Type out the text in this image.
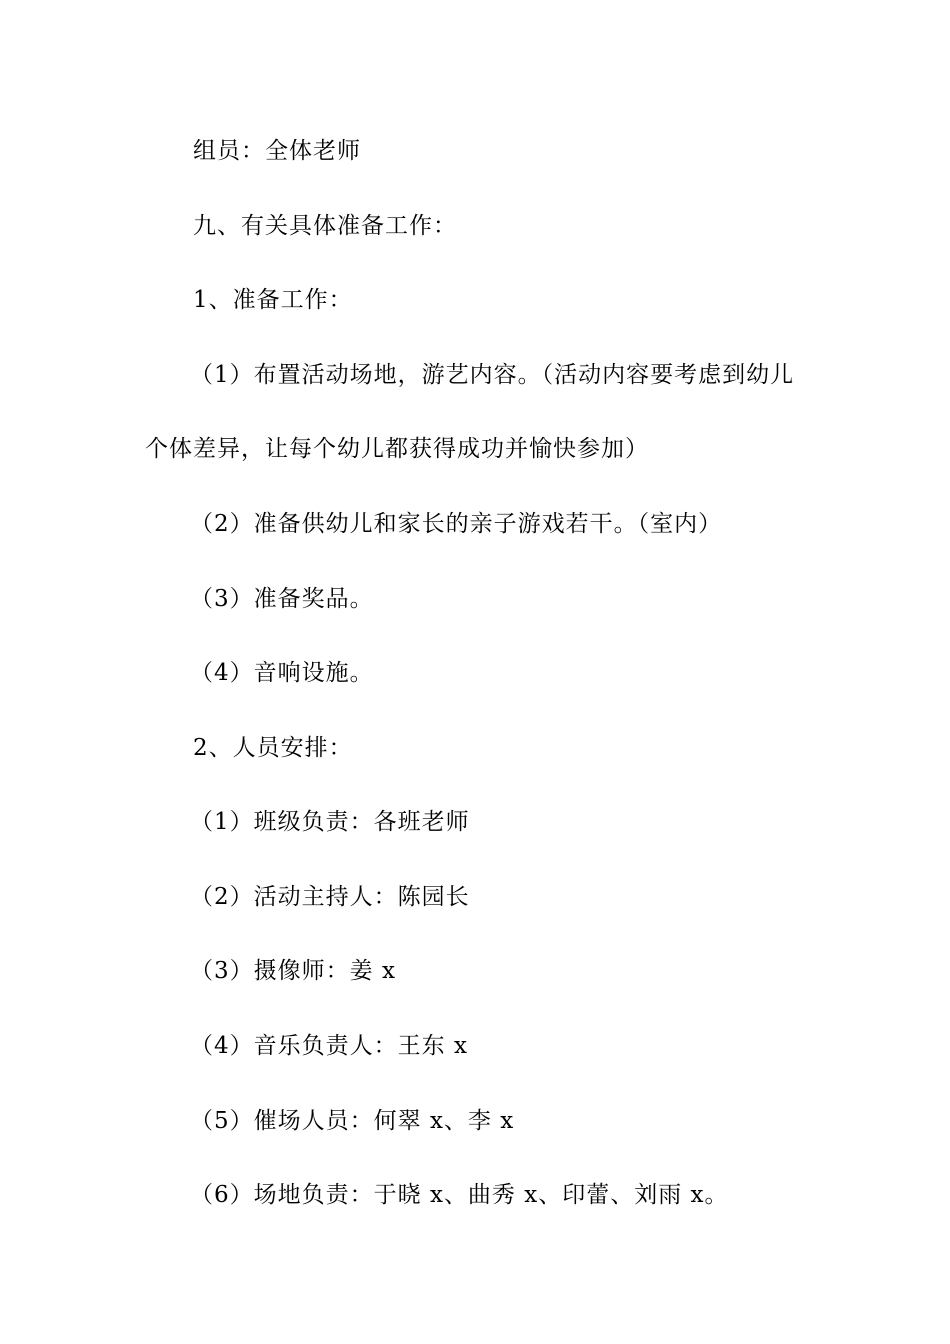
组员：全体老师
九、有关具体准备工作：
1、准备工作：
（1）布置活动场地，游艺内容。（活动内容要考虑到幼儿
个体差异，让每个幼儿都获得成功并愉快参加）
（2）准备供幼儿和家长的亲子游戏若干。（室内）
（3）准备奖品。
（4）音响设施。
2、人员安排：
（1）班级负责：各班老师
（2）活动主持人：陈园长
（3）摄像师：姜 x
（4）音乐负责人：王东 x
（5）催场人员：何翠 x、李 x
（6）场地负责：于晓 x、曲秀 x、印蕾、刘雨 x。
